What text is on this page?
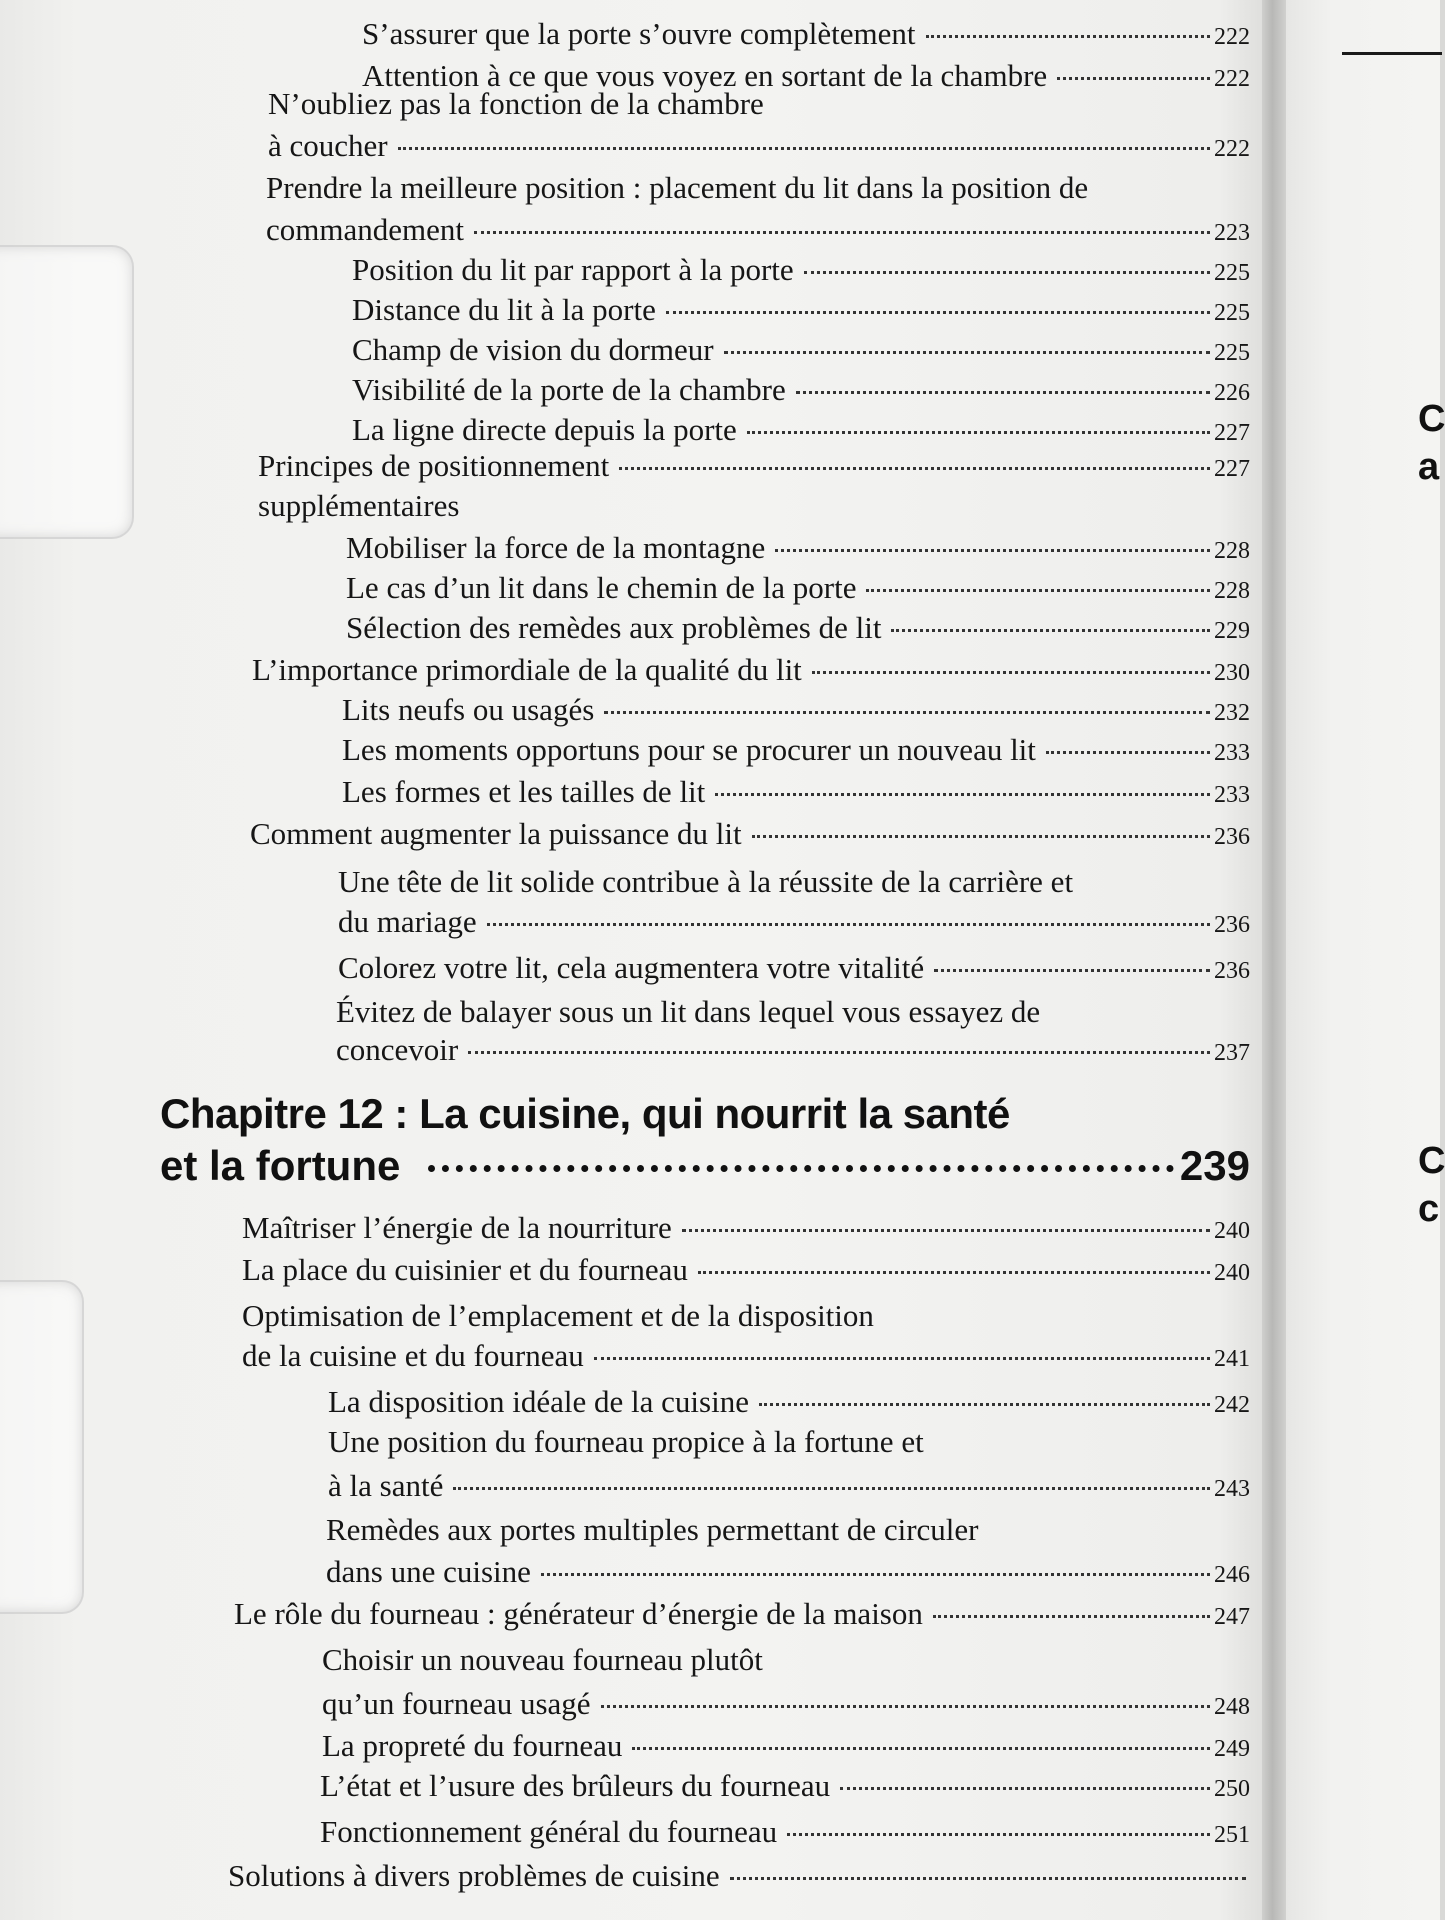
C
a
C
c
S’assurer que la porte s’ouvre complètement	222
Attention à ce que vous voyez en sortant de la chambre	222
N’oubliez pas la fonction de la chambre
à coucher	222
Prendre la meilleure position : placement du lit dans la position de
commandement	223
Position du lit par rapport à la porte	225
Distance du lit à la porte	225
Champ de vision du dormeur	225
Visibilité de la porte de la chambre	226
La ligne directe depuis la porte	227
Principes de positionnement	227
supplémentaires
Mobiliser la force de la montagne	228
Le cas d’un lit dans le chemin de la porte	228
Sélection des remèdes aux problèmes de lit	229
L’importance primordiale de la qualité du lit	230
Lits neufs ou usagés	232
Les moments opportuns pour se procurer un nouveau lit	233
Les formes et les tailles de lit	233
Comment augmenter la puissance du lit	236
Une tête de lit solide contribue à la réussite de la carrière et
du mariage	236
Colorez votre lit, cela augmentera votre vitalité	236
Évitez de balayer sous un lit dans lequel vous essayez de
concevoir	237
Chapitre 12 : La cuisine, qui nourrit la santé
et la fortune	239
Maîtriser l’énergie de la nourriture	240
La place du cuisinier et du fourneau	240
Optimisation de l’emplacement et de la disposition
de la cuisine et du fourneau	241
La disposition idéale de la cuisine	242
Une position du fourneau propice à la fortune et
à la santé	243
Remèdes aux portes multiples permettant de circuler
dans une cuisine	246
Le rôle du fourneau : générateur d’énergie de la maison	247
Choisir un nouveau fourneau plutôt
qu’un fourneau usagé	248
La propreté du fourneau	249
L’état et l’usure des brûleurs du fourneau	250
Fonctionnement général du fourneau	251
Solutions à divers problèmes de cuisine
